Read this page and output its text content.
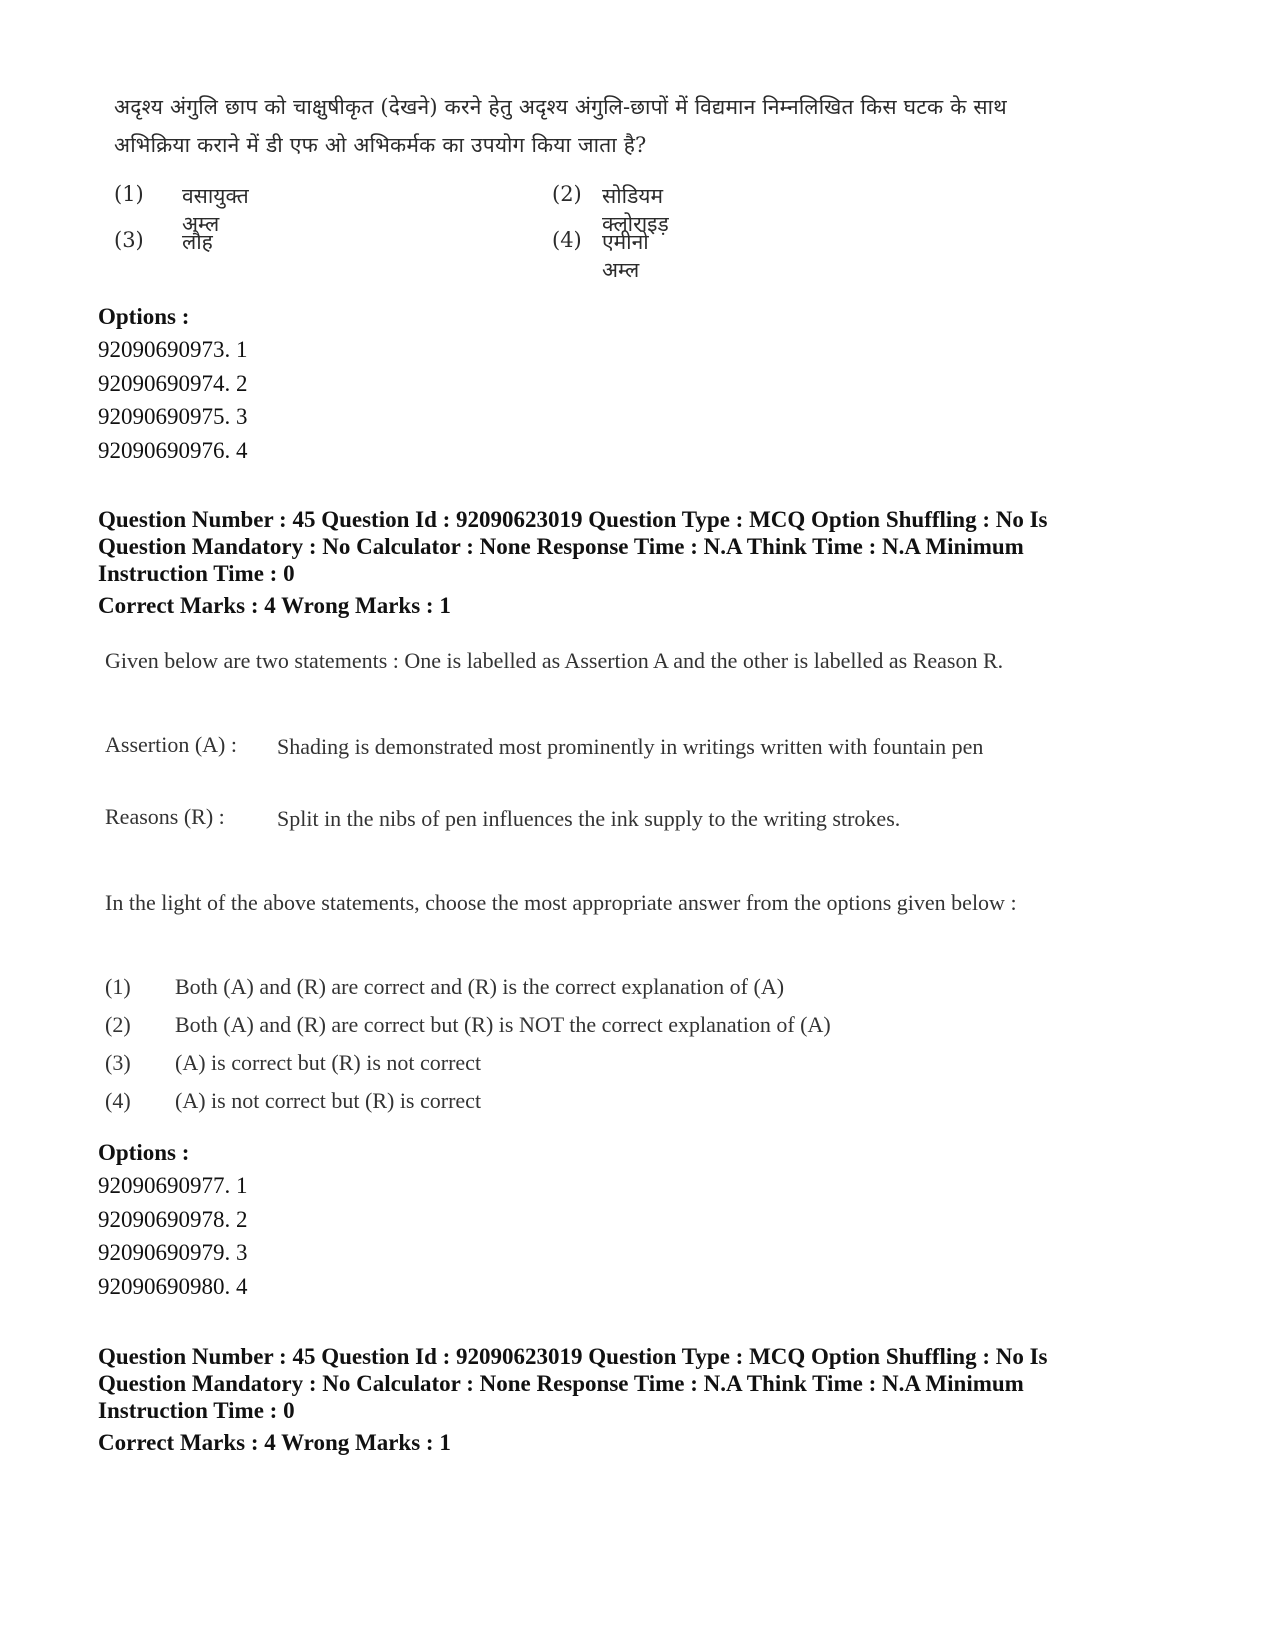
अदृश्य अंगुलि छाप को चाक्षुषीकृत (देखने) करने हेतु अदृश्य अंगुलि-छापों में विद्यमान निम्नलिखित किस घटक के साथ अभिक्रिया कराने में डी एफ ओ अभिकर्मक का उपयोग किया जाता है?
(1) वसायुक्त अम्ल
(2) सोडियम क्लोराइड़
(3) लौह	(4) एमीनो अम्ल
Options :
92090690973. 1
92090690974. 2
92090690975. 3
92090690976. 4
Question Number : 45 Question Id : 92090623019 Question Type : MCQ Option Shuffling : No Is
Question Mandatory : No Calculator : None Response Time : N.A Think Time : N.A Minimum
Instruction Time : 0
Correct Marks : 4 Wrong Marks : 1
Given below are two statements : One is labelled as Assertion A and the other is labelled as Reason R.
Assertion (A) : Shading is demonstrated most prominently in writings written with fountain pen
Reasons (R) : Split in the nibs of pen influences the ink supply to the writing strokes.
In the light of the above statements, choose the most appropriate answer from the options given below :
(1) Both (A) and (R) are correct and (R) is the correct explanation of (A)
(2) Both (A) and (R) are correct but (R) is NOT the correct explanation of (A)
(3) (A) is correct but (R) is not correct
(4) (A) is not correct but (R) is correct
Options :
92090690977. 1
92090690978. 2
92090690979. 3
92090690980. 4
Question Number : 45 Question Id : 92090623019 Question Type : MCQ Option Shuffling : No Is
Question Mandatory : No Calculator : None Response Time : N.A Think Time : N.A Minimum
Instruction Time : 0
Correct Marks : 4 Wrong Marks : 1
